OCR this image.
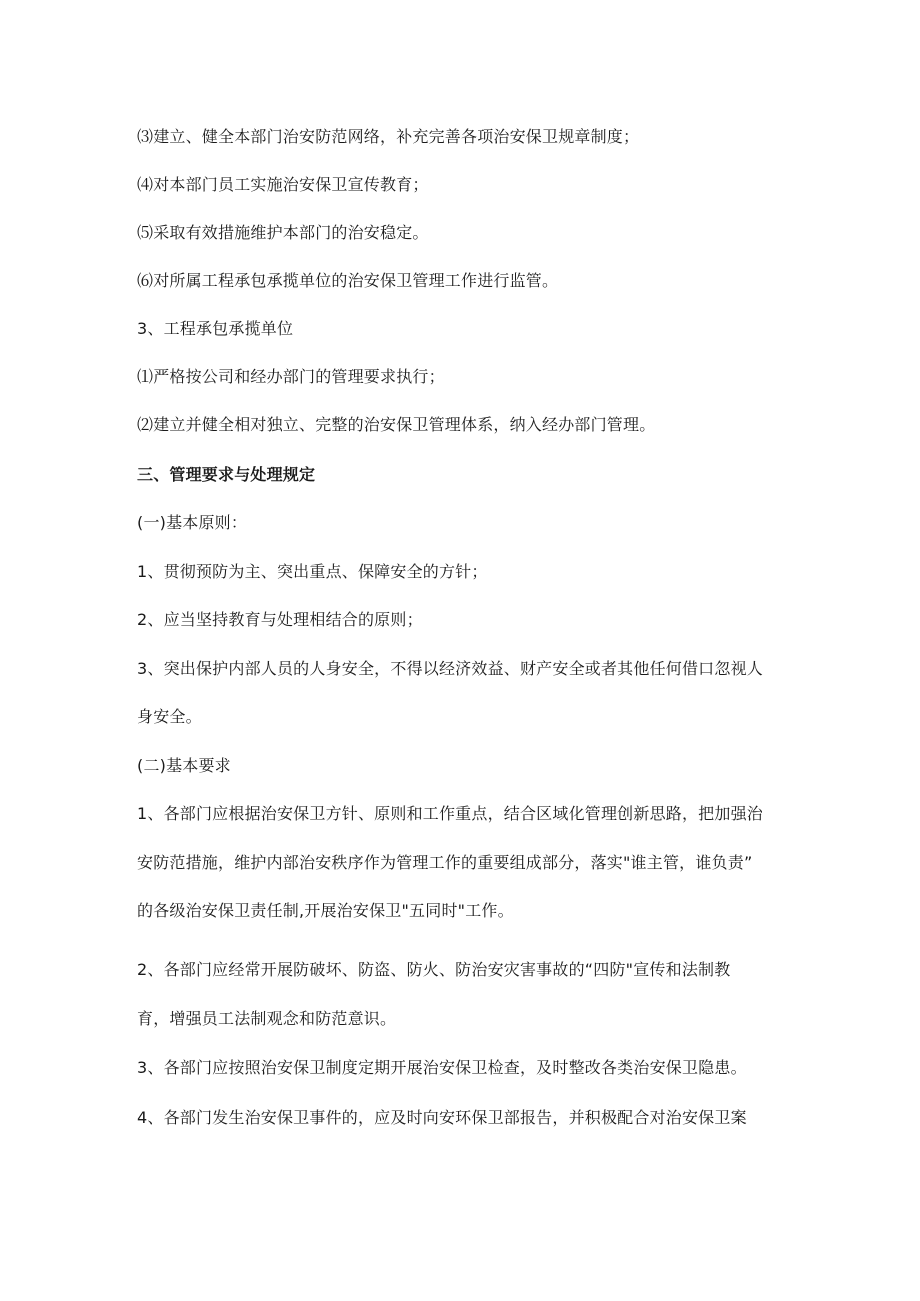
⑶建立、健全本部门治安防范网络，补充完善各项治安保卫规章制度；
⑷对本部门员工实施治安保卫宣传教育；
⑸采取有效措施维护本部门的治安稳定。
⑹对所属工程承包承揽单位的治安保卫管理工作进行监管。
3、工程承包承揽单位
⑴严格按公司和经办部门的管理要求执行；
⑵建立并健全相对独立、完整的治安保卫管理体系，纳入经办部门管理。
三、管理要求与处理规定
(一)基本原则：
1、贯彻预防为主、突出重点、保障安全的方针；
2、应当坚持教育与处理相结合的原则；
3、突出保护内部人员的人身安全，不得以经济效益、财产安全或者其他任何借口忽视人
身安全。
(二)基本要求
1、各部门应根据治安保卫方针、原则和工作重点，结合区域化管理创新思路，把加强治
安防范措施，维护内部治安秩序作为管理工作的重要组成部分，落实"谁主管，谁负责”
的各级治安保卫责任制,开展治安保卫"五同时"工作。
2、各部门应经常开展防破坏、防盗、防火、防治安灾害事故的“四防"宣传和法制教
育，增强员工法制观念和防范意识。
3、各部门应按照治安保卫制度定期开展治安保卫检查，及时整改各类治安保卫隐患。
4、各部门发生治安保卫事件的，应及时向安环保卫部报告，并积极配合对治安保卫案
